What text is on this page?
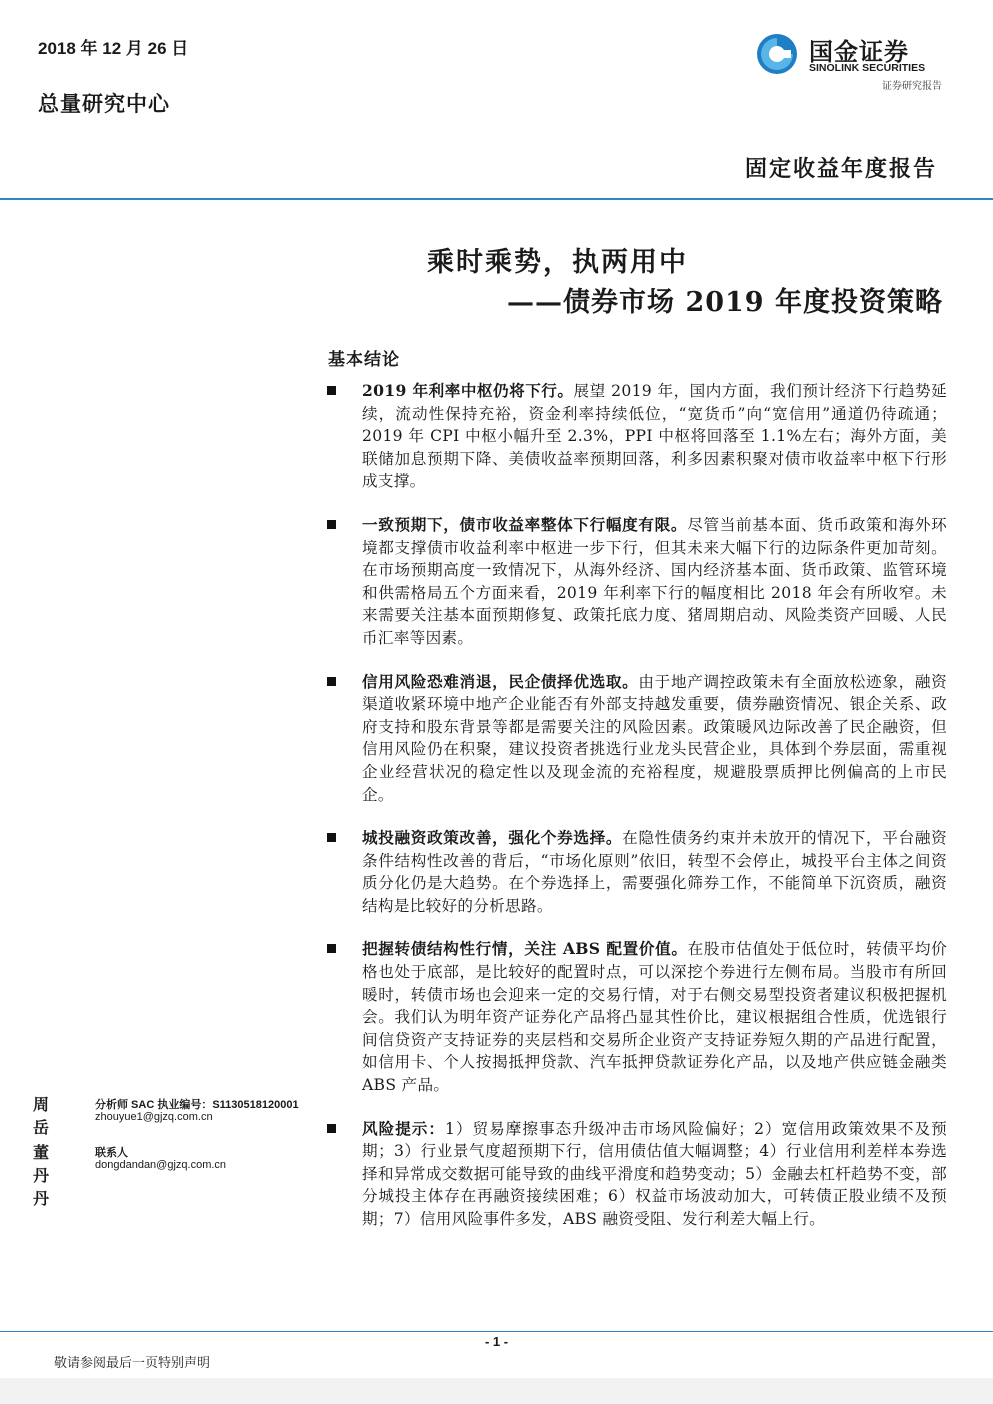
2018 年 12 月 26 日
总量研究中心
国金证券
SINOLINK SECURITIES
证券研究报告
固定收益年度报告
乘时乘势，执两用中
——债券市场 2019 年度投资策略
基本结论
2019 年利率中枢仍将下行。展望 2019 年，国内方面，我们预计经济下行趋势延续，流动性保持充裕，资金利率持续低位，“宽货币”向“宽信用”通道仍待疏通；2019 年 CPI 中枢小幅升至 2.3%，PPI 中枢将回落至 1.1%左右；海外方面，美联储加息预期下降、美债收益率预期回落，利多因素积聚对债市收益率中枢下行形成支撑。
一致预期下，债市收益率整体下行幅度有限。尽管当前基本面、货币政策和海外环境都支撑债市收益利率中枢进一步下行，但其未来大幅下行的边际条件更加苛刻。在市场预期高度一致情况下，从海外经济、国内经济基本面、货币政策、监管环境和供需格局五个方面来看，2019 年利率下行的幅度相比 2018 年会有所收窄。未来需要关注基本面预期修复、政策托底力度、猪周期启动、风险类资产回暖、人民币汇率等因素。
信用风险恐难消退，民企债择优选取。由于地产调控政策未有全面放松迹象，融资渠道收紧环境中地产企业能否有外部支持越发重要，债券融资情况、银企关系、政府支持和股东背景等都是需要关注的风险因素。政策暖风边际改善了民企融资，但信用风险仍在积聚，建议投资者挑选行业龙头民营企业，具体到个券层面，需重视企业经营状况的稳定性以及现金流的充裕程度，规避股票质押比例偏高的上市民企。
城投融资政策改善，强化个券选择。在隐性债务约束并未放开的情况下，平台融资条件结构性改善的背后，“市场化原则”依旧，转型不会停止，城投平台主体之间资质分化仍是大趋势。在个券选择上，需要强化筛券工作，不能简单下沉资质，融资结构是比较好的分析思路。
把握转债结构性行情，关注 ABS 配置价值。在股市估值处于低位时，转债平均价格也处于底部，是比较好的配置时点，可以深挖个券进行左侧布局。当股市有所回暖时，转债市场也会迎来一定的交易行情，对于右侧交易型投资者建议积极把握机会。我们认为明年资产证券化产品将凸显其性价比，建议根据组合性质，优选银行间信贷资产支持证券的夹层档和交易所企业资产支持证券短久期的产品进行配置，如信用卡、个人按揭抵押贷款、汽车抵押贷款证券化产品，以及地产供应链金融类 ABS 产品。
风险提示：1）贸易摩擦事态升级冲击市场风险偏好；2）宽信用政策效果不及预期；3）行业景气度超预期下行，信用债估值大幅调整；4）行业信用利差样本券选择和异常成交数据可能导致的曲线平滑度和趋势变动；5）金融去杠杆趋势不变，部分城投主体存在再融资接续困难；6）权益市场波动加大，可转债正股业绩不及预期；7）信用风险事件多发，ABS 融资受阻、发行利差大幅上行。
周岳
分析师 SAC 执业编号：S1130518120001
zhouyue1@gjzq.com.cn
董丹丹
联系人
dongdandan@gjzq.com.cn
- 1 -
敬请参阅最后一页特别声明
